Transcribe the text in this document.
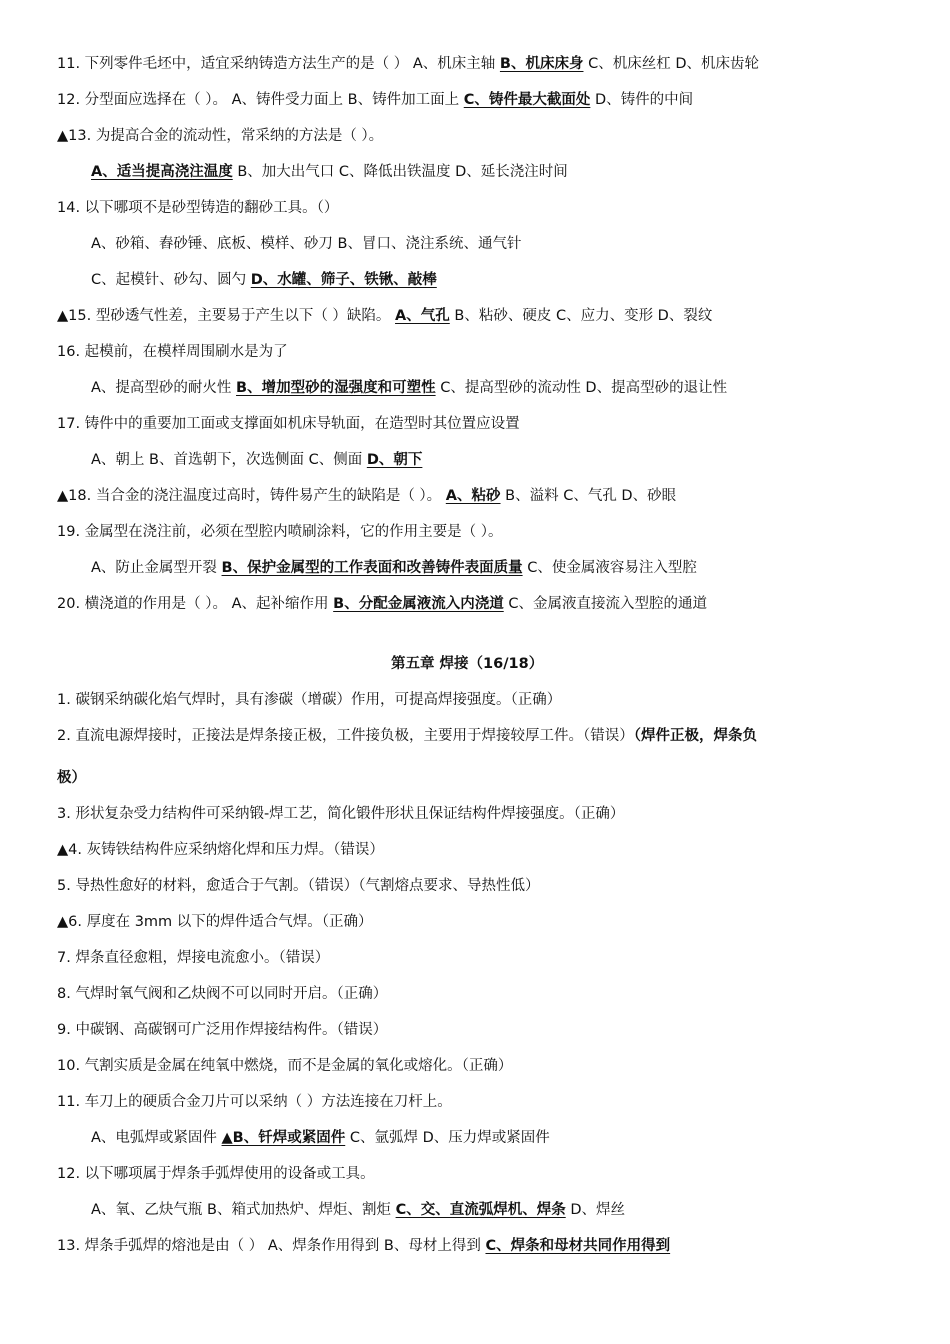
11. 下列零件毛坯中，适宜采纳铸造方法生产的是（ ） A、机床主轴 B、机床床身 C、机床丝杠 D、机床齿轮
12. 分型面应选择在（ ）。 A、铸件受力面上 B、铸件加工面上 C、铸件最大截面处 D、铸件的中间
▲13. 为提高合金的流动性，常采纳的方法是（ ）。
A、适当提高浇注温度 B、加大出气口 C、降低出铁温度 D、延长浇注时间
14. 以下哪项不是砂型铸造的翻砂工具。（）
A、砂箱、舂砂锤、底板、模样、砂刀 B、冒口、浇注系统、通气针
C、起模针、砂勾、圆勺 D、水罐、筛子、铁锹、敲棒
▲15. 型砂透气性差，主要易于产生以下（ ）缺陷。 A、气孔 B、粘砂、硬皮 C、应力、变形 D、裂纹
16. 起模前，在模样周围刷水是为了
A、提高型砂的耐火性 B、增加型砂的湿强度和可塑性 C、提高型砂的流动性 D、提高型砂的退让性
17. 铸件中的重要加工面或支撑面如机床导轨面，在造型时其位置应设置
A、朝上 B、首选朝下，次选侧面 C、侧面 D、朝下
▲18. 当合金的浇注温度过高时，铸件易产生的缺陷是（ ）。 A、粘砂 B、溢料 C、气孔 D、砂眼
19. 金属型在浇注前，必须在型腔内喷刷涂料，它的作用主要是（ ）。
A、防止金属型开裂 B、保护金属型的工作表面和改善铸件表面质量 C、使金属液容易注入型腔
20. 横浇道的作用是（ ）。 A、起补缩作用 B、分配金属液流入内浇道 C、金属液直接流入型腔的通道
第五章 焊接（16/18）
1. 碳钢采纳碳化焰气焊时，具有渗碳（增碳）作用，可提高焊接强度。（正确）
2. 直流电源焊接时，正接法是焊条接正极，工件接负极，主要用于焊接较厚工件。（错误）（焊件正极，焊条负
极）
3. 形状复杂受力结构件可采纳锻-焊工艺，简化锻件形状且保证结构件焊接强度。（正确）
▲4. 灰铸铁结构件应采纳熔化焊和压力焊。（错误）
5. 导热性愈好的材料，愈适合于气割。（错误）（气割熔点要求、导热性低）
▲6. 厚度在 3mm 以下的焊件适合气焊。（正确）
7. 焊条直径愈粗，焊接电流愈小。（错误）
8. 气焊时氧气阀和乙炔阀不可以同时开启。（正确）
9. 中碳钢、高碳钢可广泛用作焊接结构件。（错误）
10. 气割实质是金属在纯氧中燃烧，而不是金属的氧化或熔化。（正确）
11. 车刀上的硬质合金刀片可以采纳（ ）方法连接在刀杆上。
A、电弧焊或紧固件 ▲B、钎焊或紧固件 C、氩弧焊 D、压力焊或紧固件
12. 以下哪项属于焊条手弧焊使用的设备或工具。
A、氧、乙炔气瓶 B、箱式加热炉、焊炬、割炬 C、交、直流弧焊机、焊条 D、焊丝
13. 焊条手弧焊的熔池是由（ ） A、焊条作用得到 B、母材上得到 C、焊条和母材共同作用得到
